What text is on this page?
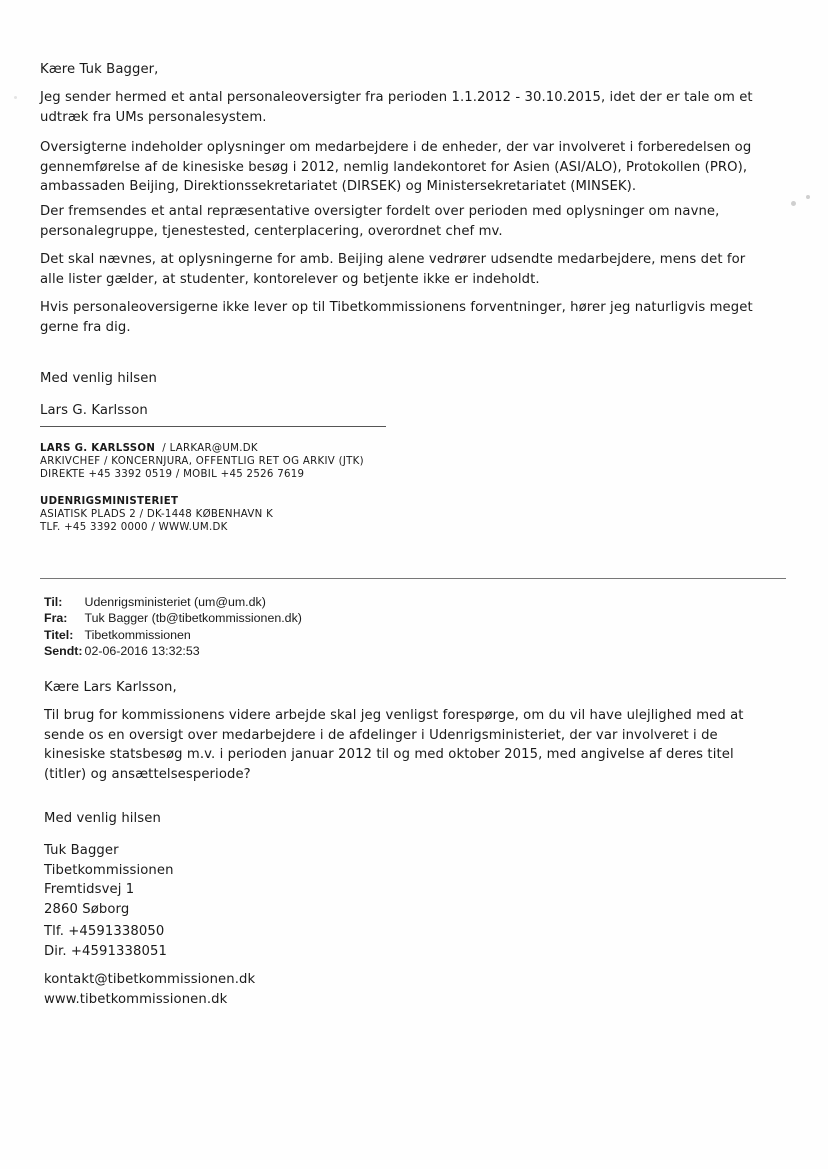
Kære Tuk Bagger,

Jeg sender hermed et antal personaleoversigter fra perioden 1.1.2012 - 30.10.2015, idet der er tale om et
udtræk fra UMs personalesystem.

Oversigterne indeholder oplysninger om medarbejdere i de enheder, der var involveret i forberedelsen og
gennemførelse af de kinesiske besøg i 2012, nemlig landekontoret for Asien (ASI/ALO), Protokollen (PRO),
ambassaden Beijing, Direktionssekretariatet (DIRSEK) og Ministersekretariatet (MINSEK).

Der fremsendes et antal repræsentative oversigter fordelt over perioden med oplysninger om navne,
personalegruppe, tjenestested, centerplacering, overordnet chef mv.

Det skal nævnes, at oplysningerne for amb. Beijing alene vedrører udsendte medarbejdere, mens det for
alle lister gælder, at studenter, kontorelever og betjente ikke er indeholdt.

Hvis personaleoversigerne ikke lever op til Tibetkommissionens forventninger, hører jeg naturligvis meget
gerne fra dig.

Med venlig hilsen

Lars G. Karlsson

LARS G. KARLSSON / LARKAR@UM.DK

ARKIVCHEF / KONCERNJURA, OFFENTLIG RET OG ARKIV (JTK)

DIREKTE +45 3392 0519 / MOBIL +45 2526 7619

UDENRIGSMINISTERIET

ASIATISK PLADS 2 / DK-1448 KØBENHAVN K

TLF. +45 3392 0000 / WWW.UM.DK

Til:	Udenrigsministeriet (um@um.dk)
Fra:	Tuk Bagger (tb@tibetkommissionen.dk)
Titel:	Tibetkommissionen
Sendt:	02-06-2016 13:32:53

Kære Lars Karlsson,

Til brug for kommissionens videre arbejde skal jeg venligst forespørge, om du vil have ulejlighed med at
sende os en oversigt over medarbejdere i de afdelinger i Udenrigsministeriet, der var involveret i de
kinesiske statsbesøg m.v. i perioden januar 2012 til og med oktober 2015, med angivelse af deres titel
(titler) og ansættelsesperiode?

Med venlig hilsen

Tuk Bagger
Tibetkommissionen
Fremtidsvej 1
2860 Søborg

Tlf. +4591338050
Dir. +4591338051

kontakt@tibetkommissionen.dk
www.tibetkommissionen.dk
